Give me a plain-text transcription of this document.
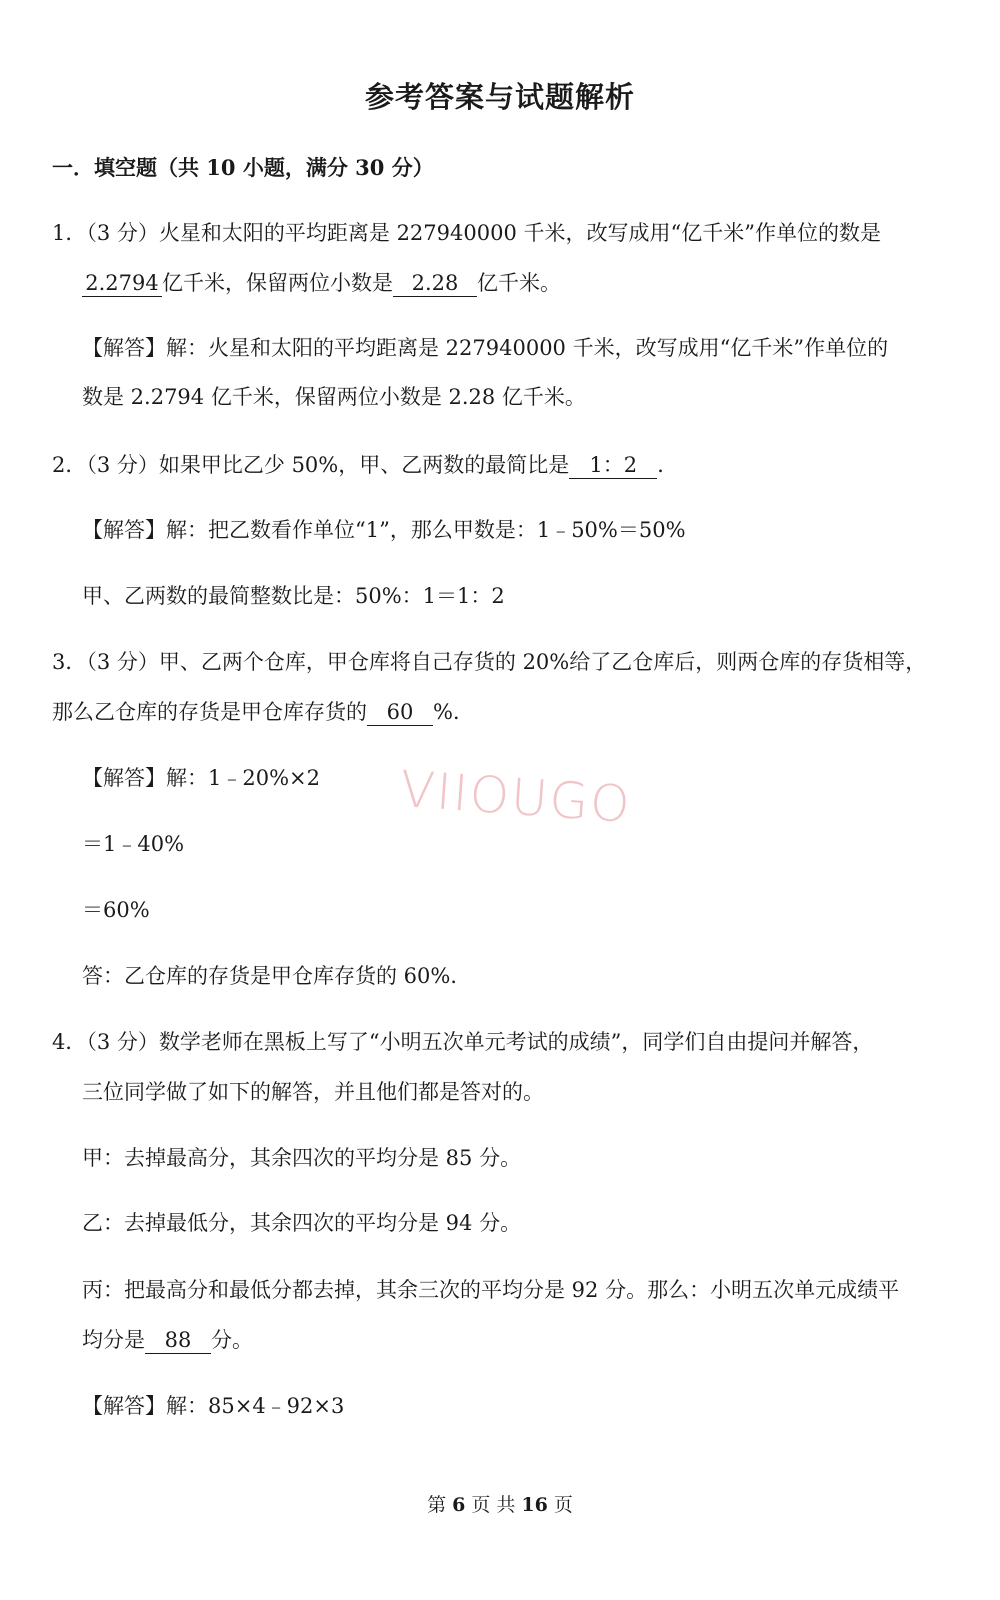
参考答案与试题解析
一．填空题（共 10 小题，满分 30 分）
1．（3 分）火星和太阳的平均距离是 227940000 千米，改写成用“亿千米”作单位的数是
2.2794 亿千米，保留两位小数是 2.28 亿千米。
【解答】解：火星和太阳的平均距离是 227940000 千米，改写成用“亿千米”作单位的
数是 2.2794 亿千米，保留两位小数是 2.28 亿千米。
2．（3 分）如果甲比乙少 50%，甲、乙两数的最简比是 1：2 ．
【解答】解：把乙数看作单位“1”，那么甲数是：1﹣50%＝50%
甲、乙两数的最简整数比是：50%：1＝1：2
3．（3 分）甲、乙两个仓库，甲仓库将自己存货的 20%给了乙仓库后，则两仓库的存货相等，
那么乙仓库的存货是甲仓库存货的 60 %．
【解答】解：1﹣20%×2
＝1﹣40%
＝60%
答：乙仓库的存货是甲仓库存货的 60%．
4．（3 分）数学老师在黑板上写了“小明五次单元考试的成绩”，同学们自由提问并解答，
三位同学做了如下的解答，并且他们都是答对的。
甲：去掉最高分，其余四次的平均分是 85 分。
乙：去掉最低分，其余四次的平均分是 94 分。
丙：把最高分和最低分都去掉，其余三次的平均分是 92 分。那么：小明五次单元成绩平
均分是 88 分。
【解答】解：85×4﹣92×3
VIIOUGO
第 6 页 共 16 页
